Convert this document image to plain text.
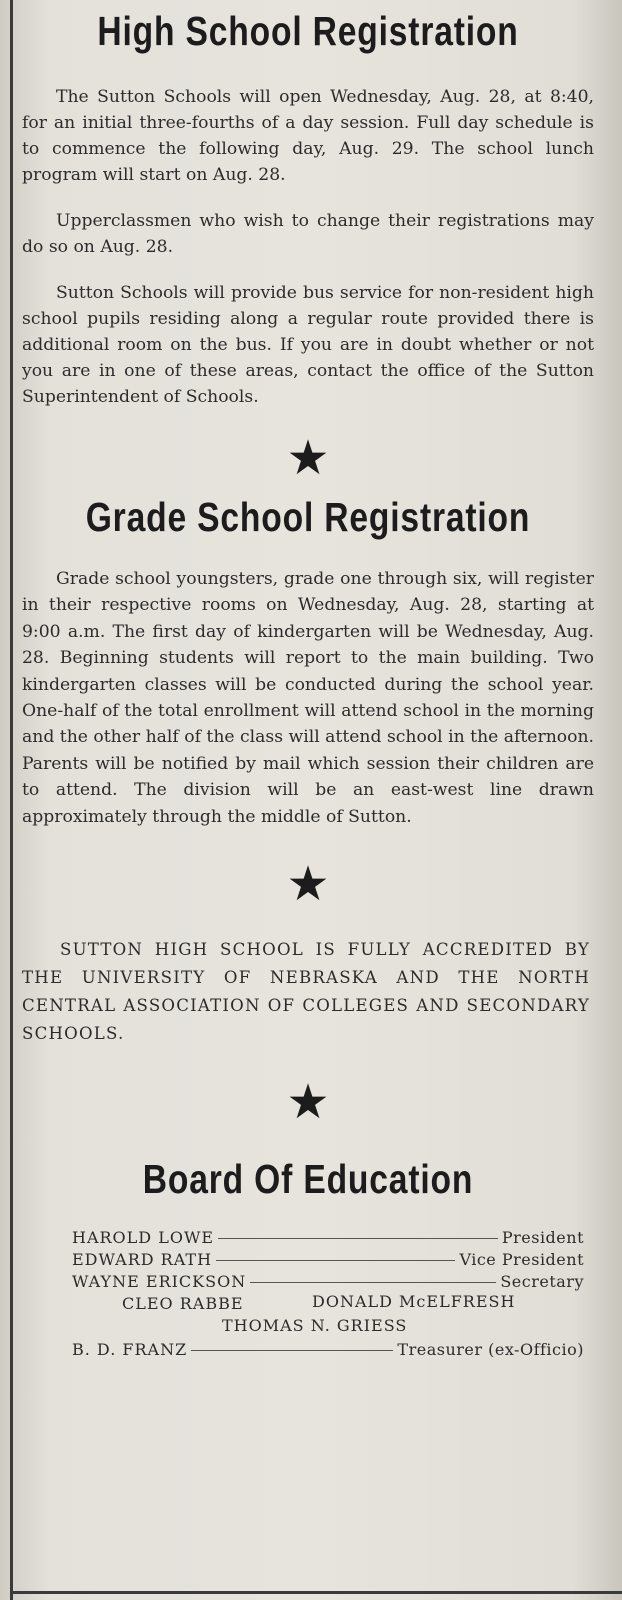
High School Registration

The Sutton Schools will open Wednesday, Aug. 28, at 8:40, for an initial three-fourths of a day session. Full day schedule is to commence the following day, Aug. 29. The school lunch program will start on Aug. 28.

Upperclassmen who wish to change their registrations may do so on Aug. 28.

Sutton Schools will provide bus service for non-resident high school pupils residing along a regular route provided there is additional room on the bus. If you are in doubt whether or not you are in one of these areas, contact the office of the Sutton Superintendent of Schools.

★
Grade School Registration

Grade school youngsters, grade one through six, will register in their respective rooms on Wednesday, Aug. 28, starting at 9:00 a.m. The first day of kindergarten will be Wednesday, Aug. 28. Beginning students will report to the main building. Two kindergarten classes will be conducted during the school year. One-half of the total enrollment will attend school in the morning and the other half of the class will attend school in the afternoon. Parents will be notified by mail which session their children are to attend. The division will be an east-west line drawn approximately through the middle of Sutton.

★

SUTTON HIGH SCHOOL IS FULLY ACCREDITED BY THE UNIVERSITY OF NEBRASKA AND THE NORTH CENTRAL ASSOCIATION OF COLLEGES AND SECONDARY SCHOOLS.

★
Board Of Education
HAROLD LOWE	President
EDWARD RATH	Vice President
WAYNE ERICKSON	Secretary
CLEO RABBE	DONALD McELFRESH
THOMAS N. GRIESS
B. D. FRANZ	Treasurer (ex-Officio)
